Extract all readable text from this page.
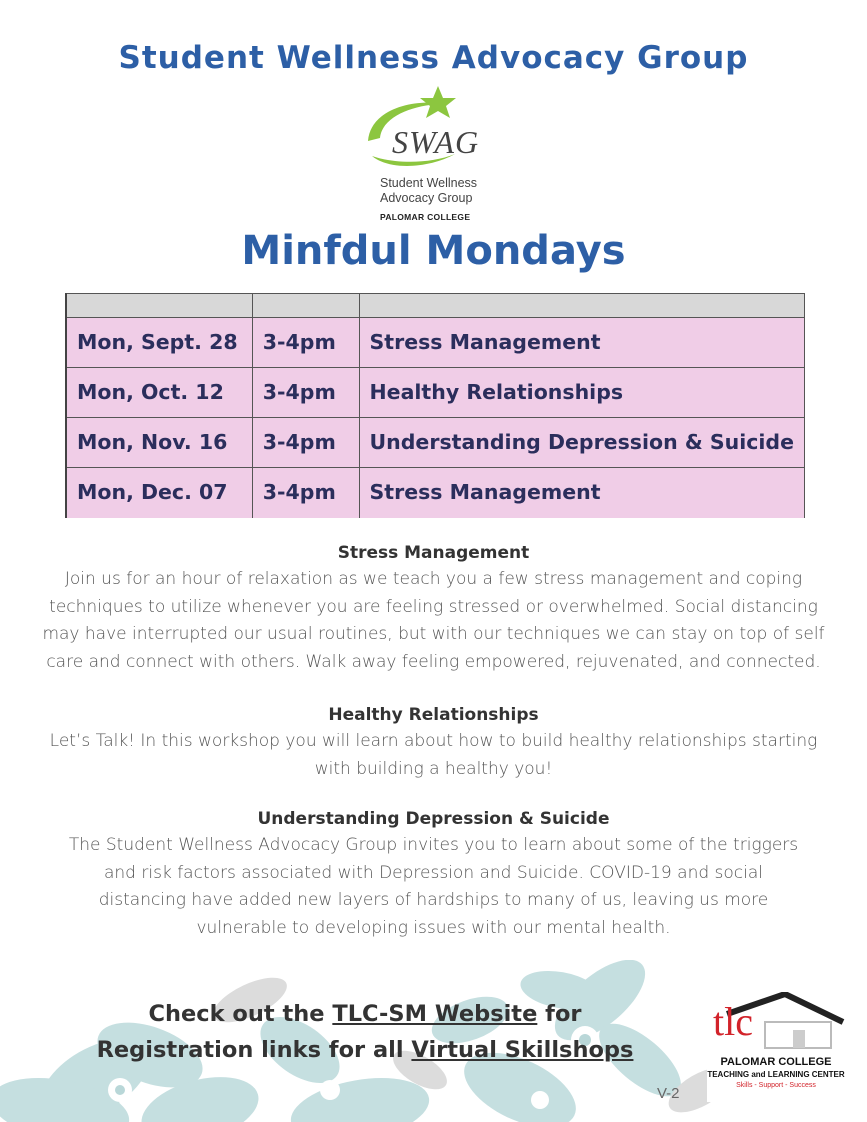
Student Wellness Advocacy Group
SWAG
Student Wellness
Advocacy Group
PALOMAR COLLEGE
Minfdul Mondays

Mon, Sept. 28	3-4pm	Stress Management
Mon, Oct. 12	3-4pm	Healthy Relationships
Mon, Nov. 16	3-4pm	Understanding Depression & Suicide
Mon, Dec. 07	3-4pm	Stress Management
Stress Management

Join us for an hour of relaxation as we teach you a few stress management and coping

techniques to utilize whenever you are feeling stressed or overwhelmed. Social distancing

may have interrupted our usual routines, but with our techniques we can stay on top of self

care and connect with others. Walk away feeling empowered, rejuvenated, and connected.

Healthy Relationships

Let’s Talk! In this workshop you will learn about how to build healthy relationships starting

with building a healthy you!

Understanding Depression & Suicide

The Student Wellness Advocacy Group invites you to learn about some of the triggers

and risk factors associated with Depression and Suicide. COVID-19 and social

distancing have added new layers of hardships to many of us, leaving us more

vulnerable to developing issues with our mental health.

Check out the TLC-SM Website for
Registration links for all Virtual Skillshops
V-2
tlc
PALOMAR COLLEGE
TEACHING and LEARNING CENTER
Skills - Support - Success
